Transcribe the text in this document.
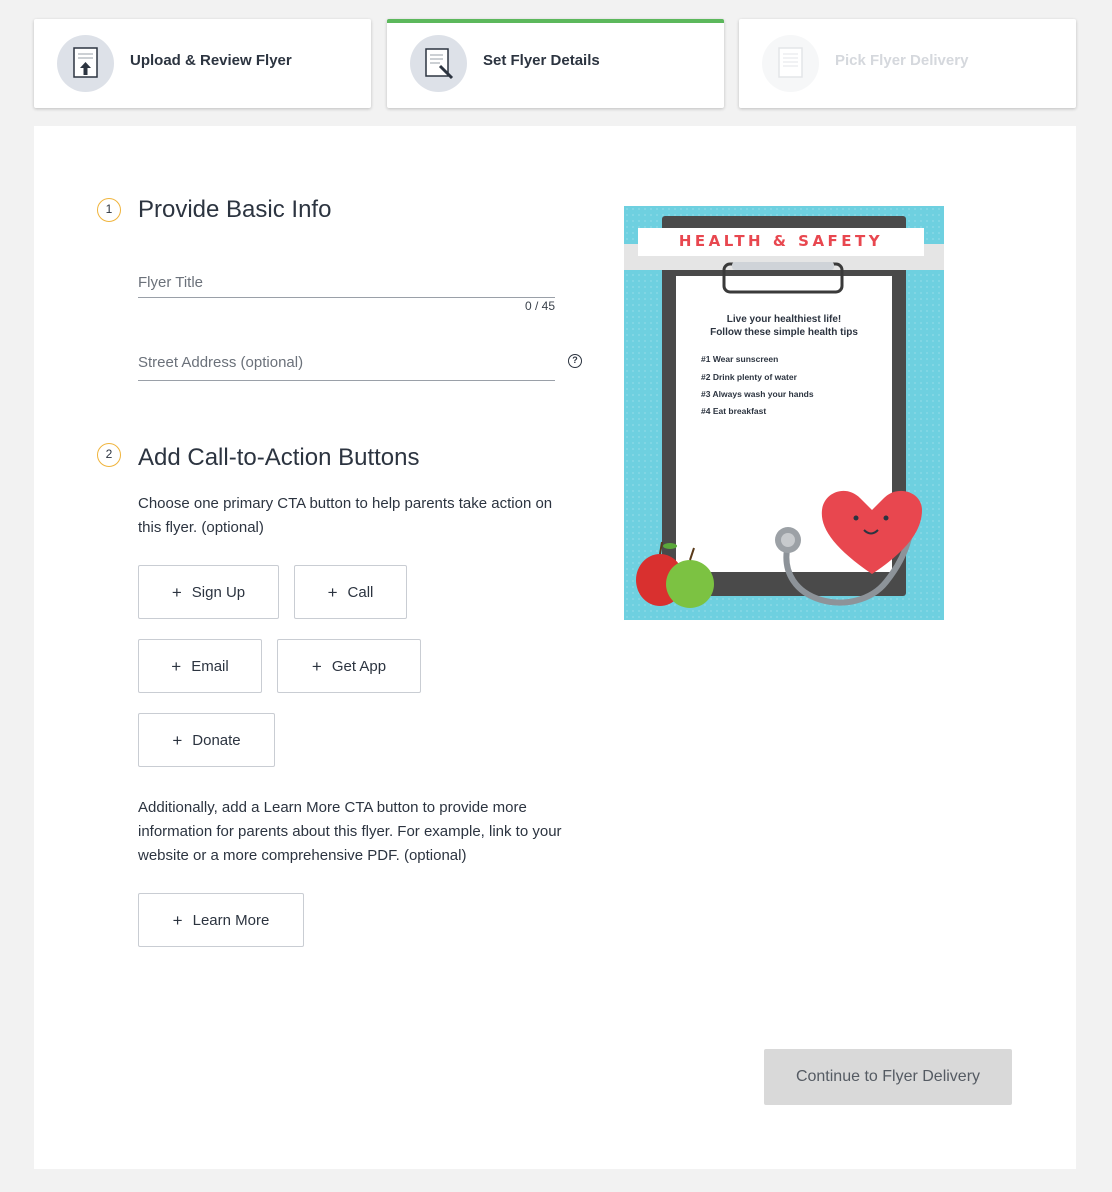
Upload & Review Flyer	Set Flyer Details	Pick Flyer Delivery
1	Provide Basic Info
Flyer Title
0 / 45
Street Address (optional)
?
2	Add Call-to-Action Buttons
Choose one primary CTA button to help parents take action on this flyer. (optional)
+ Sign Up	+ Call
+ Email	+ Get App
+ Donate
Additionally, add a Learn More CTA button to provide more information for parents about this flyer. For example, link to your website or a more comprehensive PDF. (optional)
+ Learn More
HEALTH & SAFETY
Live your healthiest life!
Follow these simple health tips
#1 Wear sunscreen
#2 Drink plenty of water
#3 Always wash your hands
#4 Eat breakfast
Continue to Flyer Delivery
